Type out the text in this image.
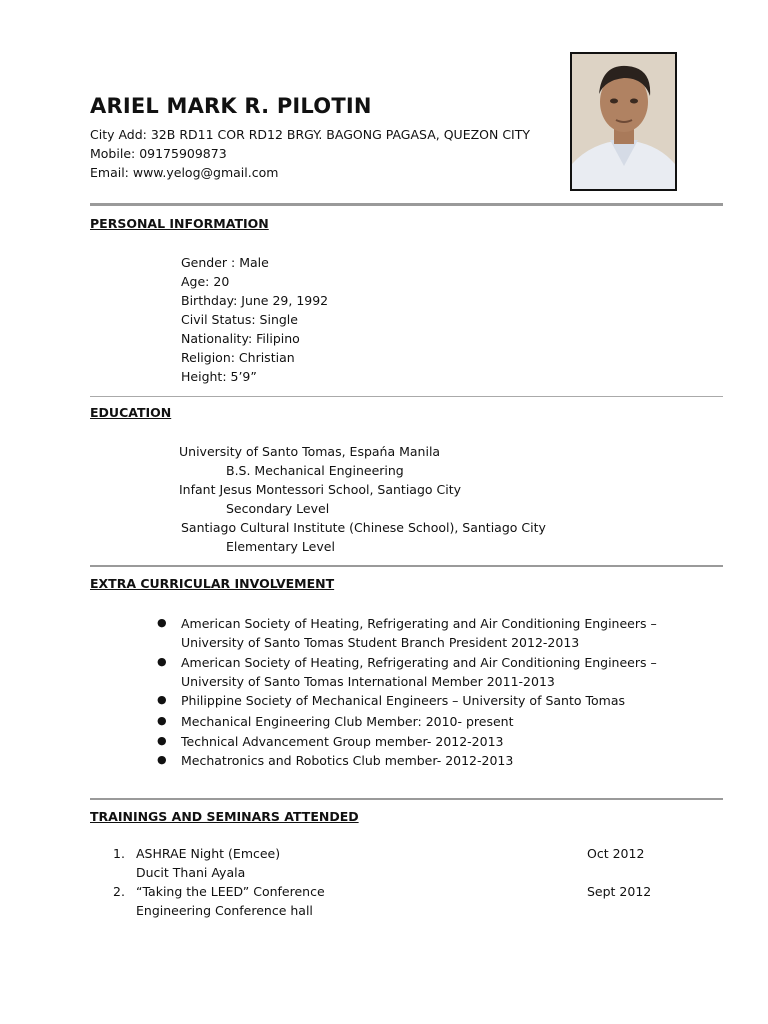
ARIEL MARK R. PILOTIN
City Add: 32B RD11 COR RD12 BRGY. BAGONG PAGASA, QUEZON CITY
Mobile: 09175909873
Email: www.yelog@gmail.com
PERSONAL INFORMATION
Gender : Male
Age: 20
Birthday: June 29, 1992
Civil Status: Single
Nationality: Filipino
Religion: Christian
Height: 5’9”
EDUCATION
University of Santo Tomas, Espańa Manila
B.S. Mechanical Engineering
Infant Jesus Montessori School, Santiago City
Secondary Level
Santiago Cultural Institute (Chinese School), Santiago City
Elementary Level
EXTRA CURRICULAR INVOLVEMENT
● American Society of Heating, Refrigerating and Air Conditioning Engineers –
University of Santo Tomas Student Branch President 2012-2013
● American Society of Heating, Refrigerating and Air Conditioning Engineers –
University of Santo Tomas International Member 2011-2013
● Philippine Society of Mechanical Engineers – University of Santo Tomas
● Mechanical Engineering Club Member: 2010- present
● Technical Advancement Group member- 2012-2013
● Mechatronics and Robotics Club member- 2012-2013
TRAININGS AND SEMINARS ATTENDED
1. ASHRAE Night (Emcee)
Ducit Thani Ayala
Oct 2012
2. “Taking the LEED” Conference
Engineering Conference hall
Sept 2012
